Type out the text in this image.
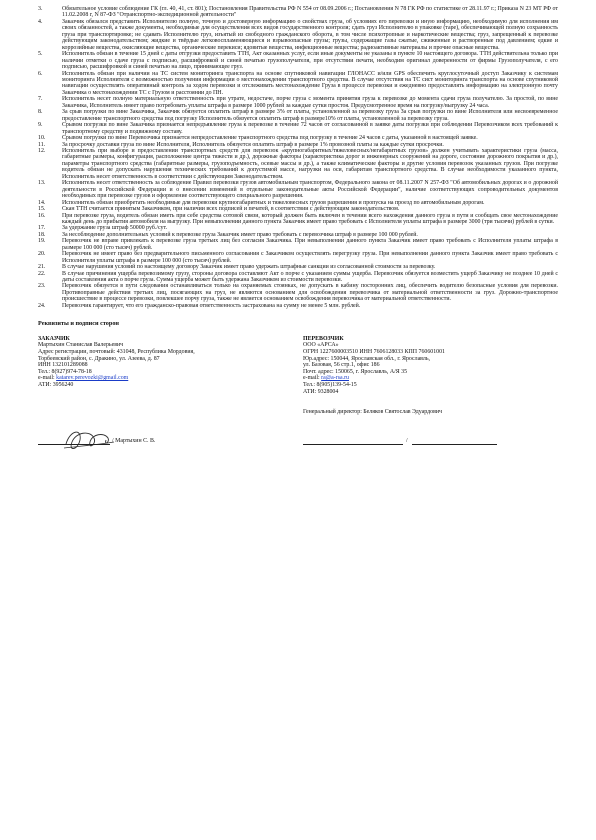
3.	Обязательное условие соблюдение ГК (гл. 40, 41, ст. 801); Постановления Правительства РФ N 554 от 08.09.2006 г.; Постановления N 78 ГК РФ по статистике от 28.11.97 г.; Приказа N 23 МТ РФ от 11.02.2008 г, N 87-ФЗ "Отранспортно-экспедиционной деятельности"
4.	Заказчик обязался представить Исполнителю полную, точную и достоверную информацию о свойствах груза, об условиях его перевозки и иную информацию, необходимую для исполнения им своих обязанностей, а также документы, необходимые для осуществления всех видов государственного контроля; сдать груз Исполнителю в упаковке (таре), обеспечивающей полную сохранность груза при транспортировке; не сдавать Исполнителю груз, изъятый из свободного гражданского оборота, в том числе психотропные и наркотические вещества; груз, запрещенный к перевозке действующим законодательством; жидкие и твёрдые легковоспламеняющиеся и взрывоопасные грузы; грузы, содержащие газы сжатые, сжиженные и растворенные под давлением; едкие и коррозийные вещества, окисляющие вещества, органические перекиси; ядовитые вещества, инфекционные вещества; радиоактивные материалы и прочие опасные вещества.
5.	Исполнитель обязан в течение 15 дней с даты отгрузки предоставить ТТН, Акт оказанных услуг, если иные документы не указаны в пункте 10 настоящего договора. ТТН действительна только при наличии отметки о сдаче груза с подписью, расшифровкой и синей печатью грузополучателя, при отсутствии печати, необходим оригинал доверенности от фирмы Грузополучателя, с его подписью, расшифровкой и синей печатью на лицо, принимающее груз.
6.	Исполнитель обязан при наличии на ТС систем мониторинга транспорта на основе спутниковой навигации ГЛОНАСС и/или GPS обеспечить круглосуточный доступ Заказчику к системам мониторинга Исполнителя с возможностью получения информации о местонахождении транспортного средства. В случае отсутствия на ТС сист мониторинга транспорта на основе спутниковой навигации осуществлять оперативный контроль за ходом перевозки и отслеживать местонахождение Груза в процессе перевозки и ежедневно предоставлять информацию на электронную почту Заказчика о местонахождении ТС с Грузом и расстоянии до ПН.
7.	Исполнитель несет полную материальную ответственность при утрате, недостаче, порче груза с момента принятия груза к перевозке до момента сдачи груза получателю. За простой, по вине Заказчика, Исполнитель имеет право потребовать уплаты штрафа в размере 1000 рублей за каждые сутки простоя. Предусмотренное время на погрузку/выгрузку 24 часа.
8.	За срыв погрузки по вине Заказчика, Заказчик обязуется оплатить штраф в размере 3% от платы, установленной за перевозку груза За срыв погрузки по вине Исполнителя или несвоевременное предоставление транспортного средства под погрузку Исполнитель обязуется оплатить штраф в размере10% от платы, установленной за перевозку груза.
9.	Срывом погрузки по вине Заказчика признается непредъявление груза к перевозке в течение 72 часов от согласованной в заявке даты погрузки при соблюдении Перевозчиком всех требований к транспортному средству и подвижному составу.
10.	Срывом погрузки по вине Перевозчика признается непредоставление транспортного средства под погрузку в течение 24 часов с даты, указанной в настоящей заявке.
11.	За просрочку доставки груза по вине Исполнителя, Исполнитель обязуется оплатить штраф в размере 1% провозной платы за каждые сутки просрочки.
12.	Исполнитель при выборе и предоставлении транспортных средств для перевозок «крупногабаритных/тяжеловесных/негабаритных грузов» должен учитывать характеристики груза (масса, габаритные размеры, конфигурация, расположение центра тяжести и др.), дорожные факторы (характеристика дорог и инженерных сооружений на дороге, состояние дорожного покрытия и др.), параметры транспортного средства (габаритные размеры, грузоподъемность, осевые массы и др.), а также климатические факторы и другие условия перевозок указанных грузов. При погрузке водитель обязан не допускать нарушения технических требований к допустимой массе, нагрузки на оси, габаритам транспортного средства. В случае необходимости указанного пункта, Исполнитель несет ответственность в соответствии с действующим Законодательством.
13.	Исполнитель несет ответственность за соблюдение Правил перевозки грузов автомобильным транспортом, Федерального закона от 08.11.2007 N 257-ФЗ "Об автомобильных дорогах и о дорожной деятельности в Российской Федерации и о внесении изменений в отдельные законодательные акты Российской Федерации", наличие соответствующих сопроводительных документов необходимых при перевозке грузов и оформление соответствующего специального разрешения.
14.	Исполнитель обязан приобретать необходимые для перевозки крупногабаритных и тяжеловесных грузов разрешения и пропуска на проезд по автомобильным дорогам.
15.	Скан ТТН считается принятым Заказчиком, при наличии всех подписей и печатей, в соответствии с действующим законодательством.
16.	При перевозке груза, водитель обязан иметь при себе средства сотовой связи, который должен быть включен в течении всего нахождения данного груза в пути и сообщать свое местонахождение каждый день до прибытия автомобиля на выгрузку. При невыполнении данного пункта Заказчик имеет право требовать с Исполнителя уплаты штрафа в размере 3000 (три тысячи) рублей в сутки.
17.	За удержание груза штраф 50000 руб./сут.
18.	За несоблюдение дополнительных условий к перевозке груза Заказчик имеет право требовать с перевозчика штраф в размере 100 000 рублей.
19.	Перевозчик не вправе привлекать к перевозке груза третьих лиц без согласия Заказчика. При невыполнении данного пункта Заказчик имеет право требовать с Исполнителя уплаты штрафа в размере 100 000 (сто тысяч) рублей.
20.	Перевозчик не имеет право без предварительного письменного согласования с Заказчиком осуществлять перегрузку груза. При невыполнении данного пункта Заказчик имеет право требовать с Исполнителя уплаты штрафа в размере 100 000 (сто тысяч) рублей.
21.	В случае нарушения условий по настоящему договору Заказчик имеет право удержать штрафные санкции из согласованной стоимости за перевозку.
22.	В случае причинения ущерба перевозимому грузу, стороны договора составляют Акт о порче с указанием суммы ущерба. Перевозчик обязуется возместить ущерб Заказчику не позднее 10 дней с даты составления акта о порче груза. Сумма ущерба может быть удержана Заказчиком из стоимости перевозки.
23.	Перевозчик обязуется в пути следования останавливаться только на охраняемых стоянках, не допускать в кабину посторонних лиц, обеспечить водителю безопасные условия для перевозки. Противоправные действия третьих лиц, посягающих на груз, не являются основанием для освобождения перевозчика от материальной ответственности за груз. Дорожно-транспортное происшествие в процессе перевозки, повлекшее порчу груза, также не является основанием освобождения перевозчика от материальной ответственности.
24.	Перевозчик гарантирует, что его гражданско-правовая ответственность застрахована на сумму не менее 5 млн. рублей.
Реквизиты и подписи сторон
ЗАКАЗЧИК
Мартыхин Станислав Валерьевич
Адрес регистрации, почтовый: 431048, Республика Мордовия,
Торбеевский район, с. Дракино, ул. Азеева, д. 87
ИНН 132101289088
Тел.: 8(927)974-78-18
e-mail: katarev.perevozki@gmail.com
АТИ: 3956240
ПЕРЕВОЗЧИК
ООО «АРСА»
ОГРН 1227600003510 ИНН 7606128033 КПП 760601001
Юр.адрес: 150044, Ярославская обл., г. Ярославль,
ул. Базовая, 56 стр.1, офис 186
Почт. адрес: 150065, г. Ярославль, А/Я 35
e-mail: ra@a-rsa.ru
Тел.: 8(905)139-54-15
АТИ: 9328004
Генеральный директор: Беляков Святослав Эдуардович
/ Мартыхин С. В.	/
